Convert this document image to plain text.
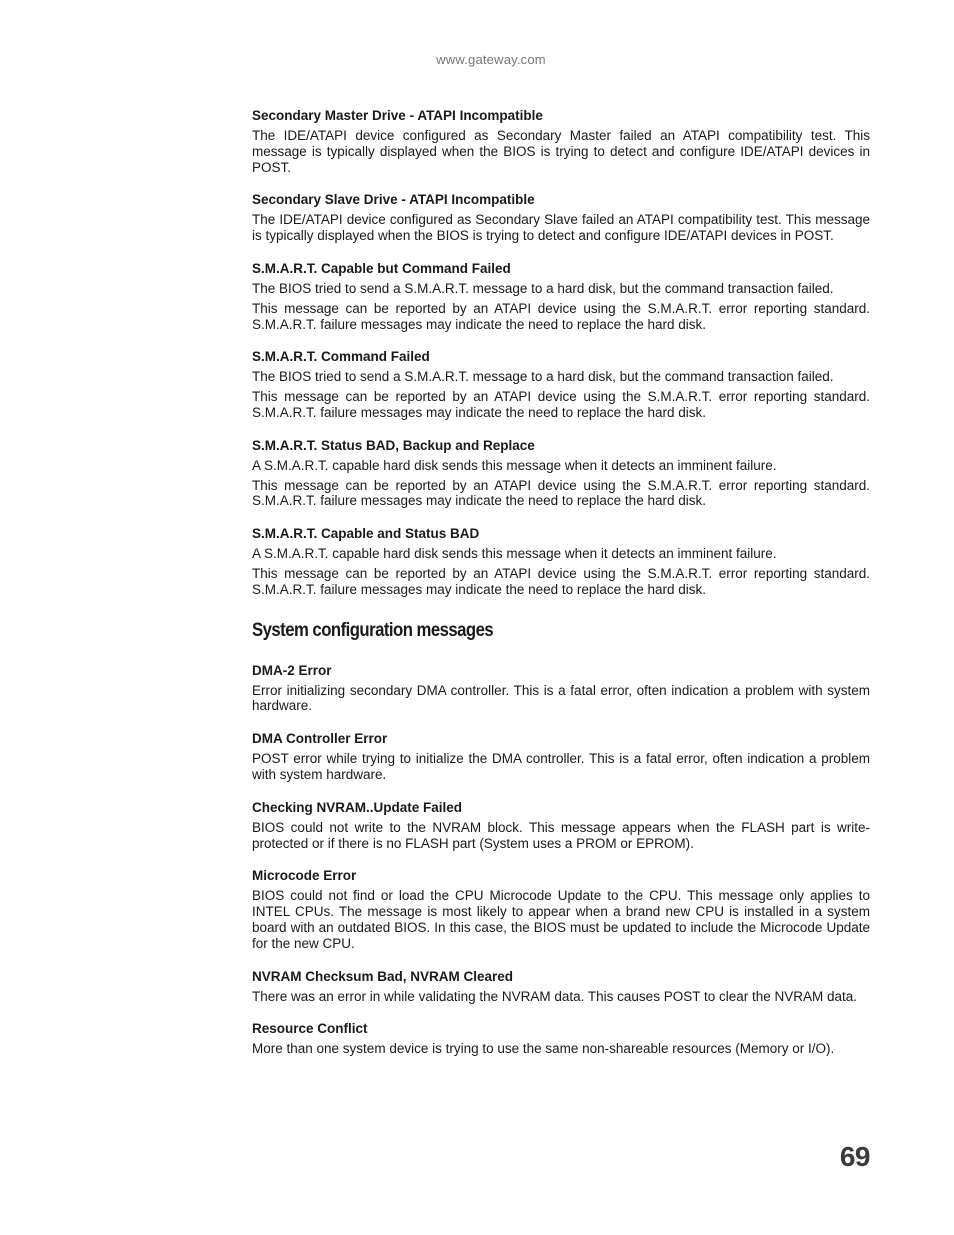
www.gateway.com
Secondary Master Drive - ATAPI Incompatible

The IDE/ATAPI device configured as Secondary Master failed an ATAPI compatibility test. This message is typically displayed when the BIOS is trying to detect and configure IDE/ATAPI devices in POST.

Secondary Slave Drive - ATAPI Incompatible

The IDE/ATAPI device configured as Secondary Slave failed an ATAPI compatibility test. This message is typically displayed when the BIOS is trying to detect and configure IDE/ATAPI devices in POST.

S.M.A.R.T. Capable but Command Failed

The BIOS tried to send a S.M.A.R.T. message to a hard disk, but the command transaction failed.

This message can be reported by an ATAPI device using the S.M.A.R.T. error reporting standard. S.M.A.R.T. failure messages may indicate the need to replace the hard disk.

S.M.A.R.T. Command Failed

The BIOS tried to send a S.M.A.R.T. message to a hard disk, but the command transaction failed.

This message can be reported by an ATAPI device using the S.M.A.R.T. error reporting standard. S.M.A.R.T. failure messages may indicate the need to replace the hard disk.

S.M.A.R.T. Status BAD, Backup and Replace

A S.M.A.R.T. capable hard disk sends this message when it detects an imminent failure.

This message can be reported by an ATAPI device using the S.M.A.R.T. error reporting standard. S.M.A.R.T. failure messages may indicate the need to replace the hard disk.

S.M.A.R.T. Capable and Status BAD

A S.M.A.R.T. capable hard disk sends this message when it detects an imminent failure.

This message can be reported by an ATAPI device using the S.M.A.R.T. error reporting standard. S.M.A.R.T. failure messages may indicate the need to replace the hard disk.

System configuration messages
DMA-2 Error

Error initializing secondary DMA controller. This is a fatal error, often indication a problem with system hardware.

DMA Controller Error

POST error while trying to initialize the DMA controller. This is a fatal error, often indication a problem with system hardware.

Checking NVRAM..Update Failed

BIOS could not write to the NVRAM block. This message appears when the FLASH part is write-protected or if there is no FLASH part (System uses a PROM or EPROM).

Microcode Error

BIOS could not find or load the CPU Microcode Update to the CPU. This message only applies to INTEL CPUs. The message is most likely to appear when a brand new CPU is installed in a system board with an outdated BIOS. In this case, the BIOS must be updated to include the Microcode Update for the new CPU.

NVRAM Checksum Bad, NVRAM Cleared

There was an error in while validating the NVRAM data. This causes POST to clear the NVRAM data.

Resource Conflict

More than one system device is trying to use the same non-shareable resources (Memory or I/O).

69
